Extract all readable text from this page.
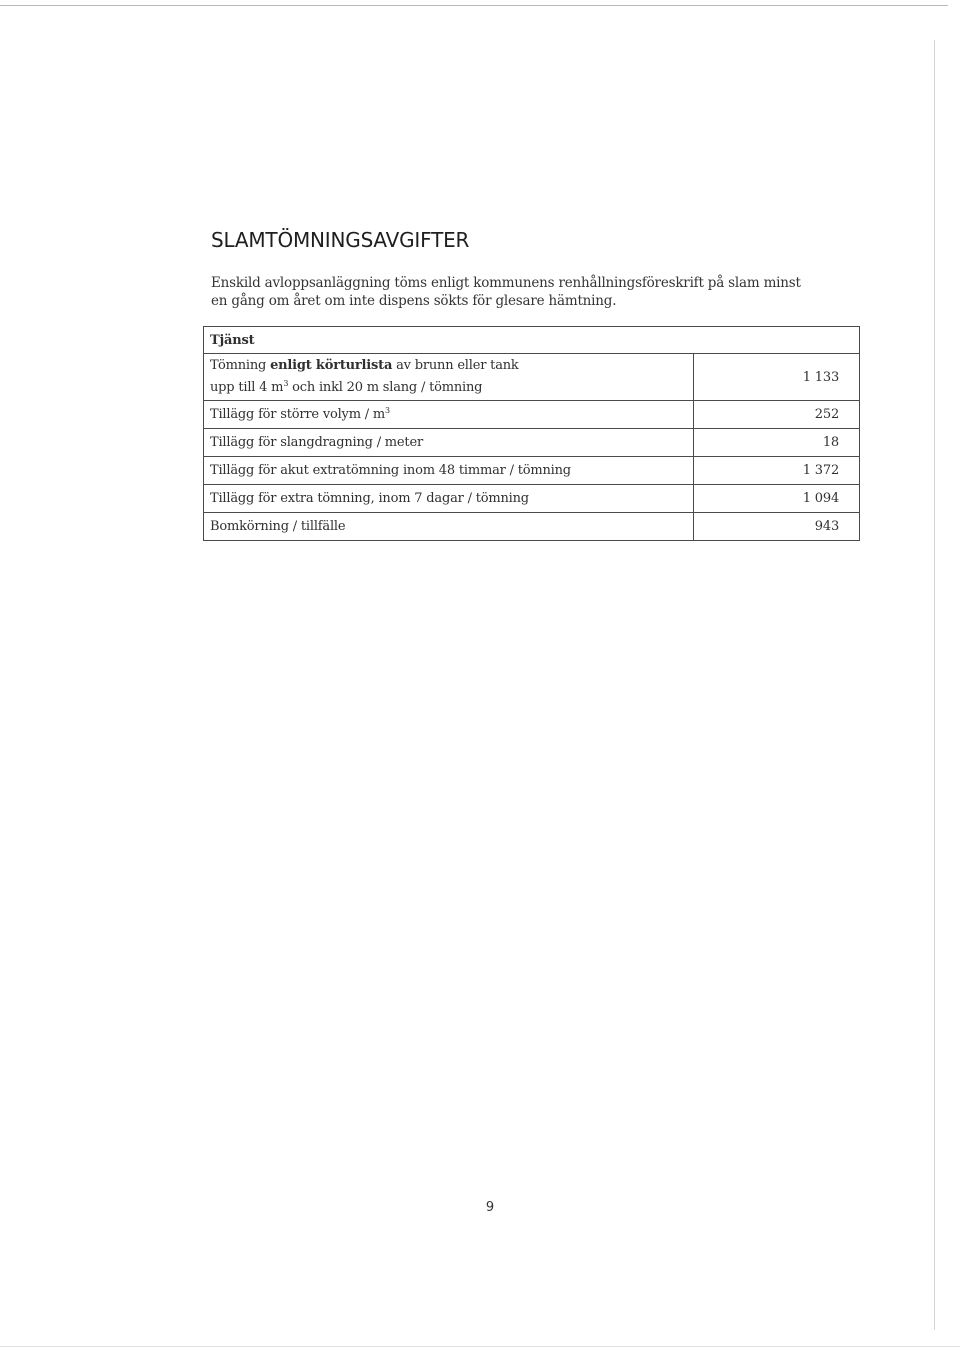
SLAMTÖMNINGSAVGIFTER

Enskild avloppsanläggning töms enligt kommunens renhållningsföreskrift på slam minst en gång om året om inte dispens sökts för glesare hämtning.

Tjänst	
Tömning enligt körturlista av brunn eller tank
upp till 4 $m^3$ och inkl 20 m slang / tömning	1 133
Tillägg för större volym / $m^3$	252
Tillägg för slangdragning / meter	18
Tillägg för akut extratömning inom 48 timmar / tömning	1 372
Tillägg för extra tömning, inom 7 dagar / tömning	1 094
Bomkörning / tillfälle	943
9
